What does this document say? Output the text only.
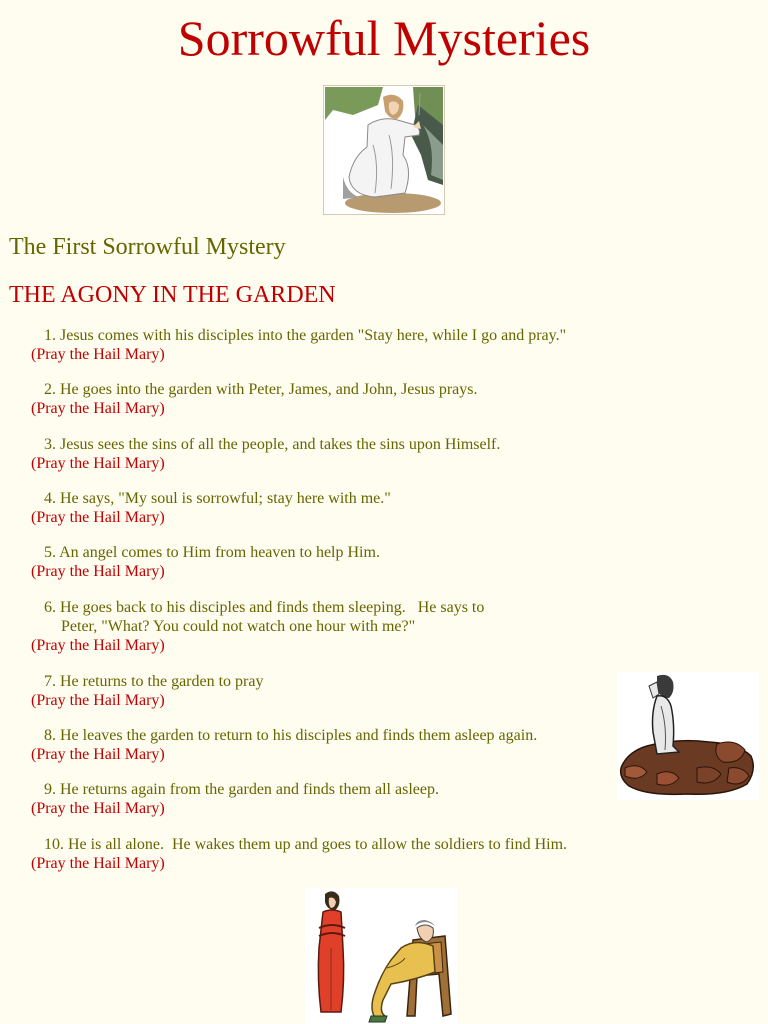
Sorrowful Mysteries
The First Sorrowful Mystery
THE AGONY IN THE GARDEN

1. Jesus comes with his disciples into the garden "Stay here, while I go and pray."

(Pray the Hail Mary)

2. He goes into the garden with Peter, James, and John, Jesus prays.

(Pray the Hail Mary)

3. Jesus sees the sins of all the people, and takes the sins upon Himself.

(Pray the Hail Mary)

4. He says, "My soul is sorrowful; stay here with me."

(Pray the Hail Mary)

5. An angel comes to Him from heaven to help Him.

(Pray the Hail Mary)

6. He goes back to his disciples and finds them sleeping.   He says to
Peter, "What? You could not watch one hour with me?"

(Pray the Hail Mary)

7. He returns to the garden to pray

(Pray the Hail Mary)

8. He leaves the garden to return to his disciples and finds them asleep again.

(Pray the Hail Mary)

9. He returns again from the garden and finds them all asleep.

(Pray the Hail Mary)

10. He is all alone.  He wakes them up and goes to allow the soldiers to find Him.

(Pray the Hail Mary)
